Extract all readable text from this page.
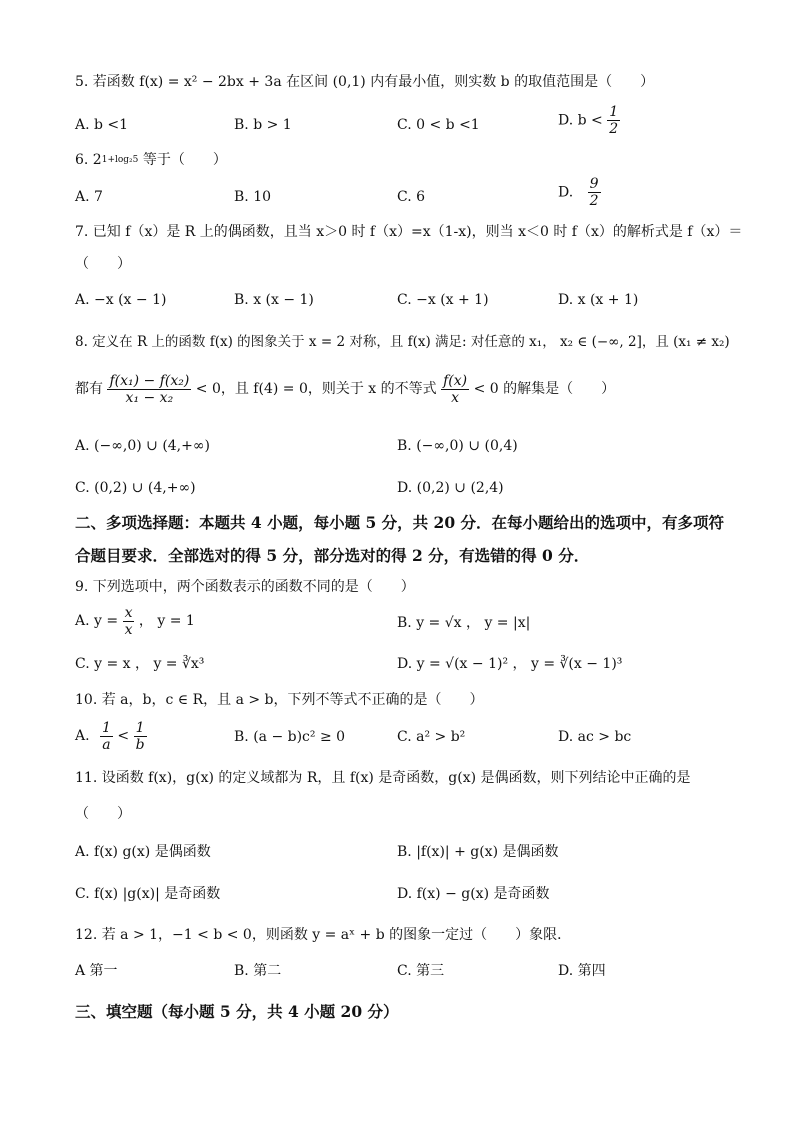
5. 若函数 f(x) = x² − 2bx + 3a 在区间 (0,1) 内有最小值，则实数 b 的取值范围是（　　）
A. b <1	B. b > 1	C. 0 < b <1	D. $b < \frac{1}{2}$
6. $2^{1+log_25}$ 等于（　　）
A. 7	B. 10	C. 6	D. $\frac{9}{2}$
7. 已知 f（x）是 R 上的偶函数，且当 x＞0 时 f（x）=x（1-x)，则当 x＜0 时 f（x）的解析式是 f（x）＝
（　　）
A. −x (x − 1)	B. x (x − 1)	C. −x (x + 1)	D. x (x + 1)
8. 定义在 R 上的函数 f(x) 的图象关于 x = 2 对称，且 f(x) 满足: 对任意的 x₁， x₂ ∈ (−∞, 2]，且 (x₁ ≠ x₂)
都有 $\frac{\text{f(x₁) − f(x₂)}}{\text{x₁ − x₂}} < 0$，且 f(4) = 0，则关于 x 的不等式 $\frac{f(x)}{x} < 0$ 的解集是（　　）
A. (−∞,0) ∪ (4,+∞)	B. (−∞,0) ∪ (0,4)
C. (0,2) ∪ (4,+∞)	D. (0,2) ∪ (2,4)
二、多项选择题：本题共 4 小题，每小题 5 分，共 20 分．在每小题给出的选项中，有多项符
合题目要求．全部选对的得 5 分，部分选对的得 2 分，有选错的得 0 分．
9. 下列选项中，两个函数表示的函数不同的是（　　）
A. $y = \frac{x}{x}$ ， y = 1	B. y = √x ， y = |x|
C. y = x ， y = ∛x³	D. y = √(x − 1)² ， y = ∛(x − 1)³
10. 若 a，b，c ∈ R，且 a > b，下列不等式不正确的是（　　）
A. $\frac{1}{a} < \frac{1}{b}$	B. (a − b)c² ≥ 0	C. a² > b²	D. ac > bc
11. 设函数 f(x)，g(x) 的定义域都为 R，且 f(x) 是奇函数，g(x) 是偶函数，则下列结论中正确的是
（　　）
A. f(x) g(x) 是偶函数	B. |f(x)| + g(x) 是偶函数
C. f(x) |g(x)| 是奇函数	D. f(x) − g(x) 是奇函数
12. 若 a > 1，−1 < b < 0，则函数 y = aˣ + b 的图象一定过（　　）象限．
A 第一	B. 第二	C. 第三	D. 第四
三、填空题（每小题 5 分，共 4 小题 20 分）
